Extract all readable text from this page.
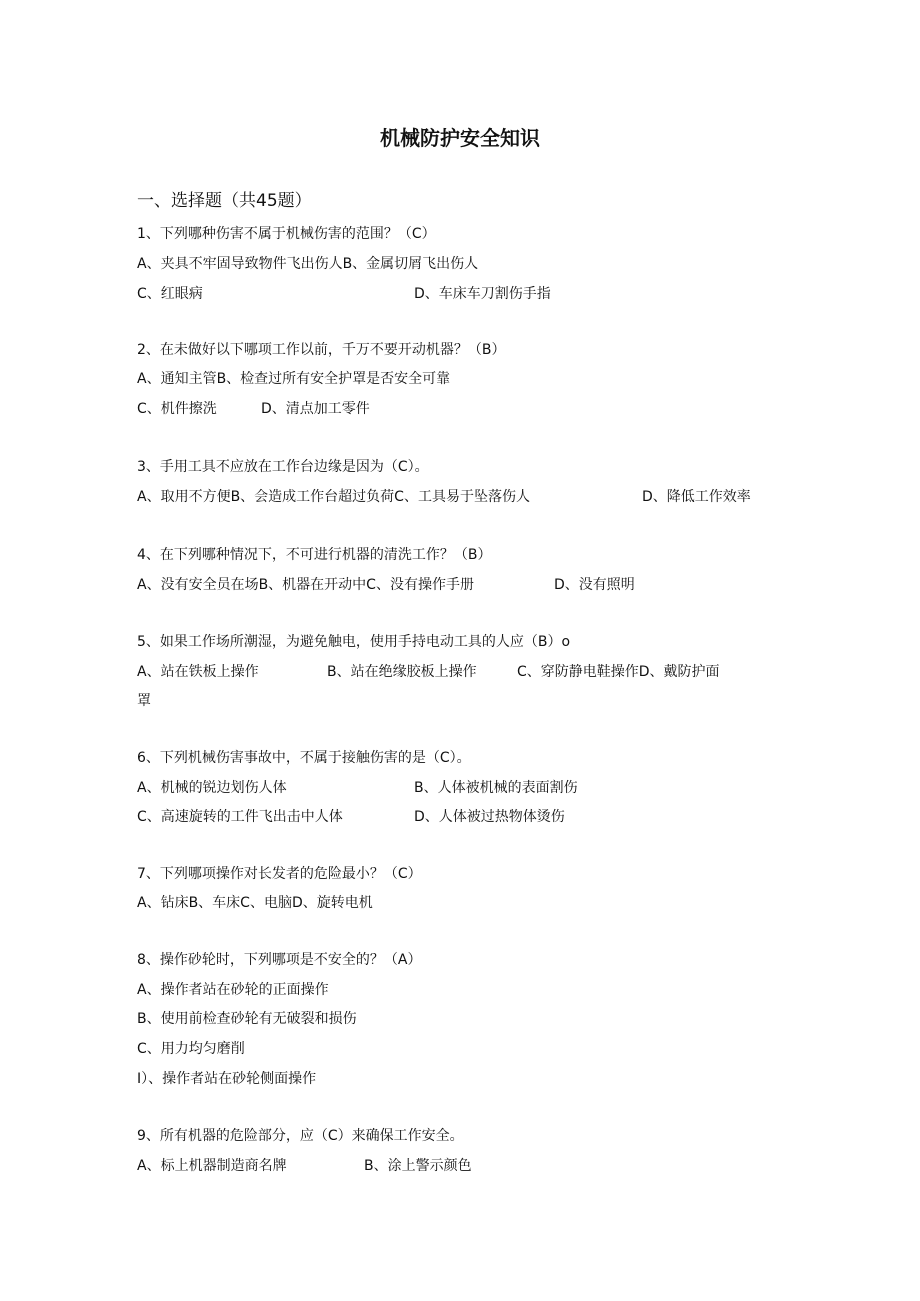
机械防护安全知识
一、选择题（共45题）
1、下列哪种伤害不属于机械伤害的范围？（C）
A、夹具不牢固导致物件飞出伤人B、金属切屑飞出伤人
C、红眼病	D、车床车刀割伤手指
2、在未做好以下哪项工作以前，千万不要开动机器？（B）
A、通知主管B、检查过所有安全护罩是否安全可靠
C、机件擦洗	D、清点加工零件
3、手用工具不应放在工作台边缘是因为（C）。
A、取用不方便B、会造成工作台超过负荷C、工具易于坠落伤人	D、降低工作效率
4、在下列哪种情况下，不可进行机器的清洗工作？（B）
A、没有安全员在场B、机器在开动中C、没有操作手册	D、没有照明
5、如果工作场所潮湿，为避免触电，使用手持电动工具的人应（B）o
A、站在铁板上操作	B、站在绝缘胶板上操作	C、穿防静电鞋操作D、戴防护面
罩
6、下列机械伤害事故中，不属于接触伤害的是（C）。
A、机械的锐边划伤人体	B、人体被机械的表面割伤
C、高速旋转的工件飞出击中人体	D、人体被过热物体烫伤
7、下列哪项操作对长发者的危险最小？（C）
A、钻床B、车床C、电脑D、旋转电机
8、操作砂轮时，下列哪项是不安全的？（A）
A、操作者站在砂轮的正面操作
B、使用前检查砂轮有无破裂和损伤
C、用力均匀磨削
I）、操作者站在砂轮侧面操作
9、所有机器的危险部分，应（C）来确保工作安全。
A、标上机器制造商名牌	B、涂上警示颜色
